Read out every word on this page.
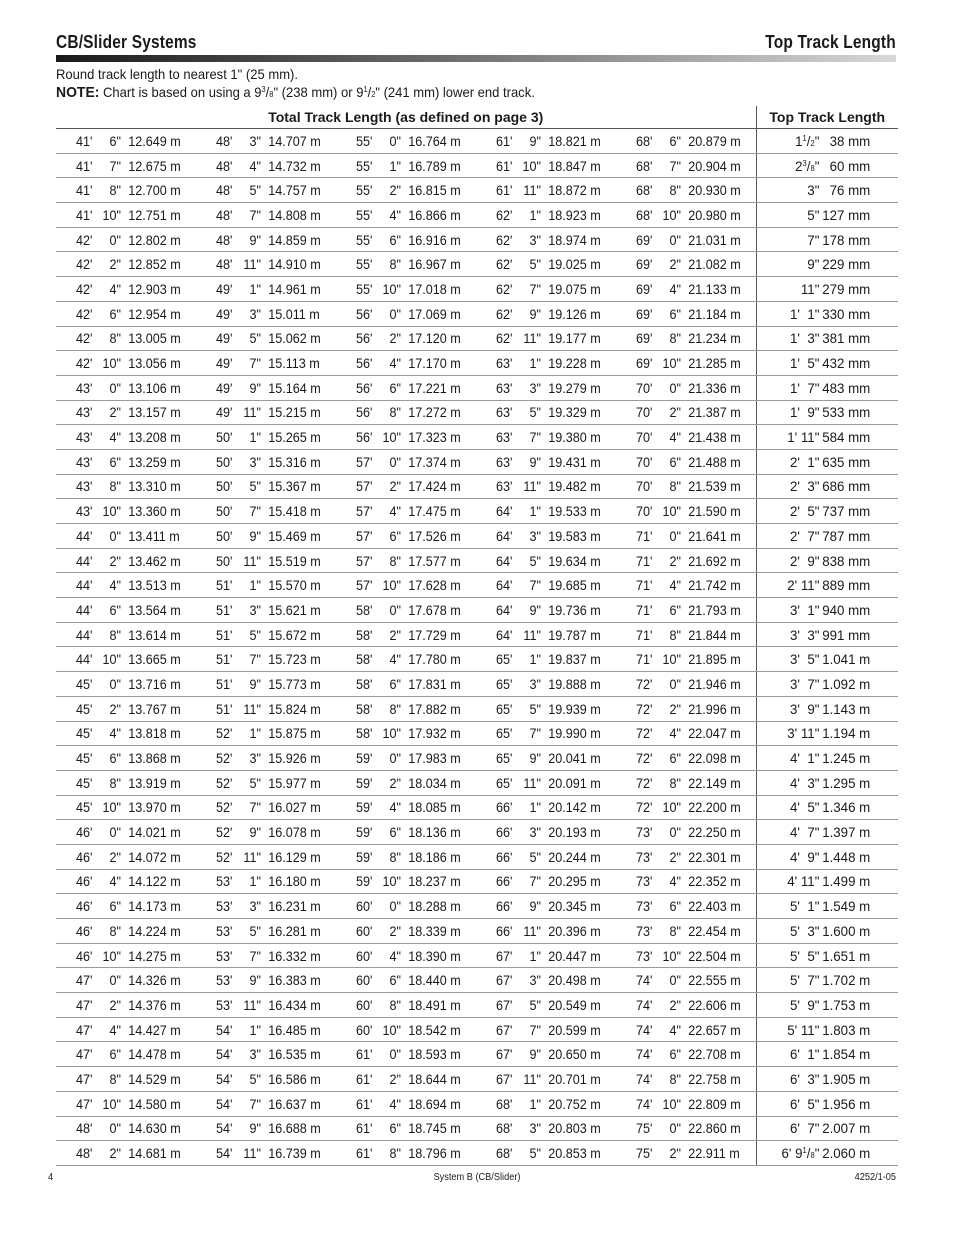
CB/Slider Systems	Top Track Length
Round track length to nearest 1" (25 mm).
NOTE: Chart is based on using a $9^3/8$" (238 mm) or $9^1/2$" (241 mm) lower end track.
Total Track Length (as defined on page 3)					Top Track Length
41' 6" 12.649 m	48' 3" 14.707 m	55' 0" 16.764 m	61' 9" 18.821 m	68' 6" 20.879 m	$1^1/2$" 38 mm

41' 7" 12.675 m	48' 4" 14.732 m	55' 1" 16.789 m	61' 10" 18.847 m	68' 7" 20.904 m	$2^3/8$" 60 mm

41' 8" 12.700 m	48' 5" 14.757 m	55' 2" 16.815 m	61' 11" 18.872 m	68' 8" 20.930 m	3" 76 mm

41' 10" 12.751 m	48' 7" 14.808 m	55' 4" 16.866 m	62' 1" 18.923 m	68' 10" 20.980 m	5" 127 mm

42' 0" 12.802 m	48' 9" 14.859 m	55' 6" 16.916 m	62' 3" 18.974 m	69' 0" 21.031 m	7" 178 mm

42' 2" 12.852 m	48' 11" 14.910 m	55' 8" 16.967 m	62' 5" 19.025 m	69' 2" 21.082 m	9" 229 mm

42' 4" 12.903 m	49' 1" 14.961 m	55' 10" 17.018 m	62' 7" 19.075 m	69' 4" 21.133 m	11" 279 mm

42' 6" 12.954 m	49' 3" 15.011 m	56' 0" 17.069 m	62' 9" 19.126 m	69' 6" 21.184 m	1'  1" 330 mm

42' 8" 13.005 m	49' 5" 15.062 m	56' 2" 17.120 m	62' 11" 19.177 m	69' 8" 21.234 m	1'  3" 381 mm

42' 10" 13.056 m	49' 7" 15.113 m	56' 4" 17.170 m	63' 1" 19.228 m	69' 10" 21.285 m	1'  5" 432 mm

43' 0" 13.106 m	49' 9" 15.164 m	56' 6" 17.221 m	63' 3" 19.279 m	70' 0" 21.336 m	1'  7" 483 mm

43' 2" 13.157 m	49' 11" 15.215 m	56' 8" 17.272 m	63' 5" 19.329 m	70' 2" 21.387 m	1'  9" 533 mm

43' 4" 13.208 m	50' 1" 15.265 m	56' 10" 17.323 m	63' 7" 19.380 m	70' 4" 21.438 m	1' 11" 584 mm

43' 6" 13.259 m	50' 3" 15.316 m	57' 0" 17.374 m	63' 9" 19.431 m	70' 6" 21.488 m	2'  1" 635 mm

43' 8" 13.310 m	50' 5" 15.367 m	57' 2" 17.424 m	63' 11" 19.482 m	70' 8" 21.539 m	2'  3" 686 mm

43' 10" 13.360 m	50' 7" 15.418 m	57' 4" 17.475 m	64' 1" 19.533 m	70' 10" 21.590 m	2'  5" 737 mm

44' 0" 13.411 m	50' 9" 15.469 m	57' 6" 17.526 m	64' 3" 19.583 m	71' 0" 21.641 m	2'  7" 787 mm

44' 2" 13.462 m	50' 11" 15.519 m	57' 8" 17.577 m	64' 5" 19.634 m	71' 2" 21.692 m	2'  9" 838 mm

44' 4" 13.513 m	51' 1" 15.570 m	57' 10" 17.628 m	64' 7" 19.685 m	71' 4" 21.742 m	2' 11" 889 mm

44' 6" 13.564 m	51' 3" 15.621 m	58' 0" 17.678 m	64' 9" 19.736 m	71' 6" 21.793 m	3'  1" 940 mm

44' 8" 13.614 m	51' 5" 15.672 m	58' 2" 17.729 m	64' 11" 19.787 m	71' 8" 21.844 m	3'  3" 991 mm

44' 10" 13.665 m	51' 7" 15.723 m	58' 4" 17.780 m	65' 1" 19.837 m	71' 10" 21.895 m	3'  5" 1.041 m

45' 0" 13.716 m	51' 9" 15.773 m	58' 6" 17.831 m	65' 3" 19.888 m	72' 0" 21.946 m	3'  7" 1.092 m

45' 2" 13.767 m	51' 11" 15.824 m	58' 8" 17.882 m	65' 5" 19.939 m	72' 2" 21.996 m	3'  9" 1.143 m

45' 4" 13.818 m	52' 1" 15.875 m	58' 10" 17.932 m	65' 7" 19.990 m	72' 4" 22.047 m	3' 11" 1.194 m

45' 6" 13.868 m	52' 3" 15.926 m	59' 0" 17.983 m	65' 9" 20.041 m	72' 6" 22.098 m	4'  1" 1.245 m

45' 8" 13.919 m	52' 5" 15.977 m	59' 2" 18.034 m	65' 11" 20.091 m	72' 8" 22.149 m	4'  3" 1.295 m

45' 10" 13.970 m	52' 7" 16.027 m	59' 4" 18.085 m	66' 1" 20.142 m	72' 10" 22.200 m	4'  5" 1.346 m

46' 0" 14.021 m	52' 9" 16.078 m	59' 6" 18.136 m	66' 3" 20.193 m	73' 0" 22.250 m	4'  7" 1.397 m

46' 2" 14.072 m	52' 11" 16.129 m	59' 8" 18.186 m	66' 5" 20.244 m	73' 2" 22.301 m	4'  9" 1.448 m

46' 4" 14.122 m	53' 1" 16.180 m	59' 10" 18.237 m	66' 7" 20.295 m	73' 4" 22.352 m	4' 11" 1.499 m

46' 6" 14.173 m	53' 3" 16.231 m	60' 0" 18.288 m	66' 9" 20.345 m	73' 6" 22.403 m	5'  1" 1.549 m

46' 8" 14.224 m	53' 5" 16.281 m	60' 2" 18.339 m	66' 11" 20.396 m	73' 8" 22.454 m	5'  3" 1.600 m

46' 10" 14.275 m	53' 7" 16.332 m	60' 4" 18.390 m	67' 1" 20.447 m	73' 10" 22.504 m	5'  5" 1.651 m

47' 0" 14.326 m	53' 9" 16.383 m	60' 6" 18.440 m	67' 3" 20.498 m	74' 0" 22.555 m	5'  7" 1.702 m

47' 2" 14.376 m	53' 11" 16.434 m	60' 8" 18.491 m	67' 5" 20.549 m	74' 2" 22.606 m	5'  9" 1.753 m

47' 4" 14.427 m	54' 1" 16.485 m	60' 10" 18.542 m	67' 7" 20.599 m	74' 4" 22.657 m	5' 11" 1.803 m

47' 6" 14.478 m	54' 3" 16.535 m	61' 0" 18.593 m	67' 9" 20.650 m	74' 6" 22.708 m	6'  1" 1.854 m

47' 8" 14.529 m	54' 5" 16.586 m	61' 2" 18.644 m	67' 11" 20.701 m	74' 8" 22.758 m	6'  3" 1.905 m

47' 10" 14.580 m	54' 7" 16.637 m	61' 4" 18.694 m	68' 1" 20.752 m	74' 10" 22.809 m	6'  5" 1.956 m

48' 0" 14.630 m	54' 9" 16.688 m	61' 6" 18.745 m	68' 3" 20.803 m	75' 0" 22.860 m	6'  7" 2.007 m

48' 2" 14.681 m	54' 11" 16.739 m	61' 8" 18.796 m	68' 5" 20.853 m	75' 2" 22.911 m	6' $9^1/8$" 2.060 m
4	System B (CB/Slider)	4252/1-05
